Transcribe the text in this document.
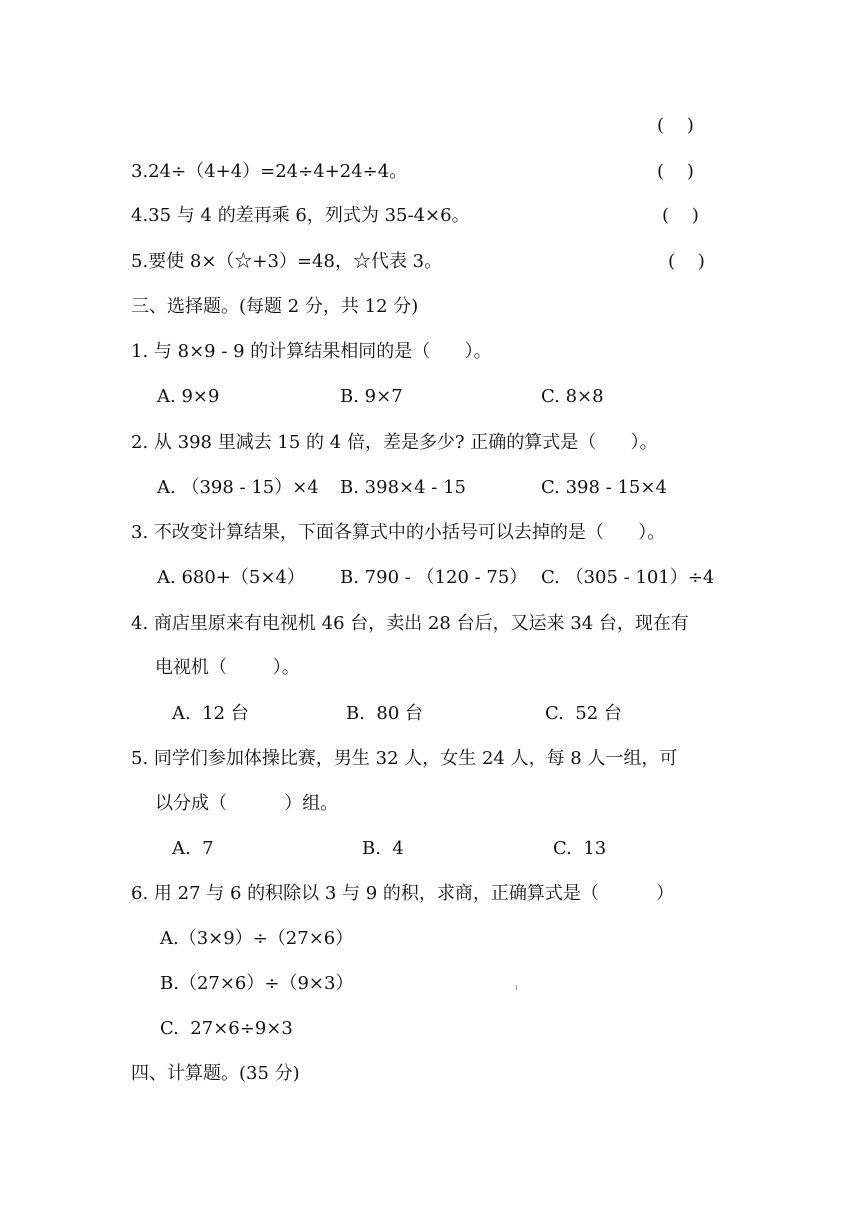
(    )
3.24÷（4+4）=24÷4+24÷4。	(    )
4.35 与 4 的差再乘 6，列式为 35-4×6。	(    )
5.要使 8×（☆+3）=48，☆代表 3。	(    )
三、选择题。(每题 2 分，共 12 分)
1. 与 8×9 - 9 的计算结果相同的是（      ）。
A. 9×9	B. 9×7	C. 8×8
2. 从 398 里减去 15 的 4 倍，差是多少? 正确的算式是（      ）。
A. （398 - 15）×4 B. 398×4 - 15	C. 398 - 15×4
3. 不改变计算结果，下面各算式中的小括号可以去掉的是（      ）。
A. 680+（5×4） B. 790 - （120 - 75） C. （305 - 101）÷4
4. 商店里原来有电视机 46 台，卖出 28 台后，又运来 34 台，现在有
电视机（        ）。
A.  12 台	B.  80 台	C.  52 台
5. 同学们参加体操比赛，男生 32 人，女生 24 人，每 8 人一组，可
以分成（          ）组。
A.  7	B.  4	C.  13
6. 用 27 与 6 的积除以 3 与 9 的积，求商，正确算式是（          ）
A.（3×9）÷（27×6）
B.（27×6）÷（9×3）
C.  27×6÷9×3
四、计算题。(35 分)
